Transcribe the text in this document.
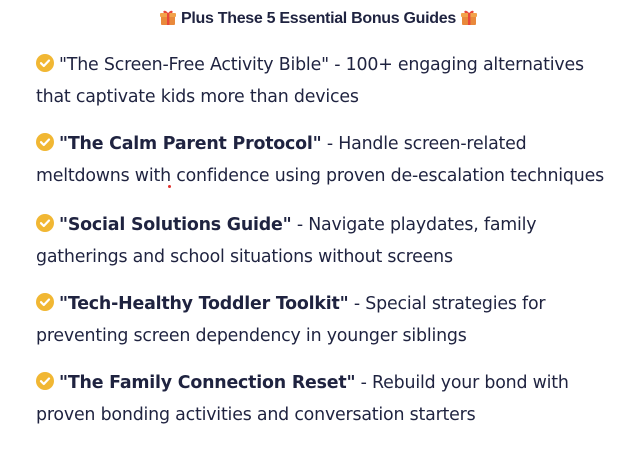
Plus These 5 Essential Bonus Guides
"The Screen-Free Activity Bible" - 100+ engaging alternatives that captivate kids more than devices
"The Calm Parent Protocol" - Handle screen-related meltdowns with confidence using proven de-escalation techniques
"Social Solutions Guide" - Navigate playdates, family gatherings and school situations without screens
"Tech-Healthy Toddler Toolkit" - Special strategies for preventing screen dependency in younger siblings
"The Family Connection Reset" - Rebuild your bond with proven bonding activities and conversation starters
